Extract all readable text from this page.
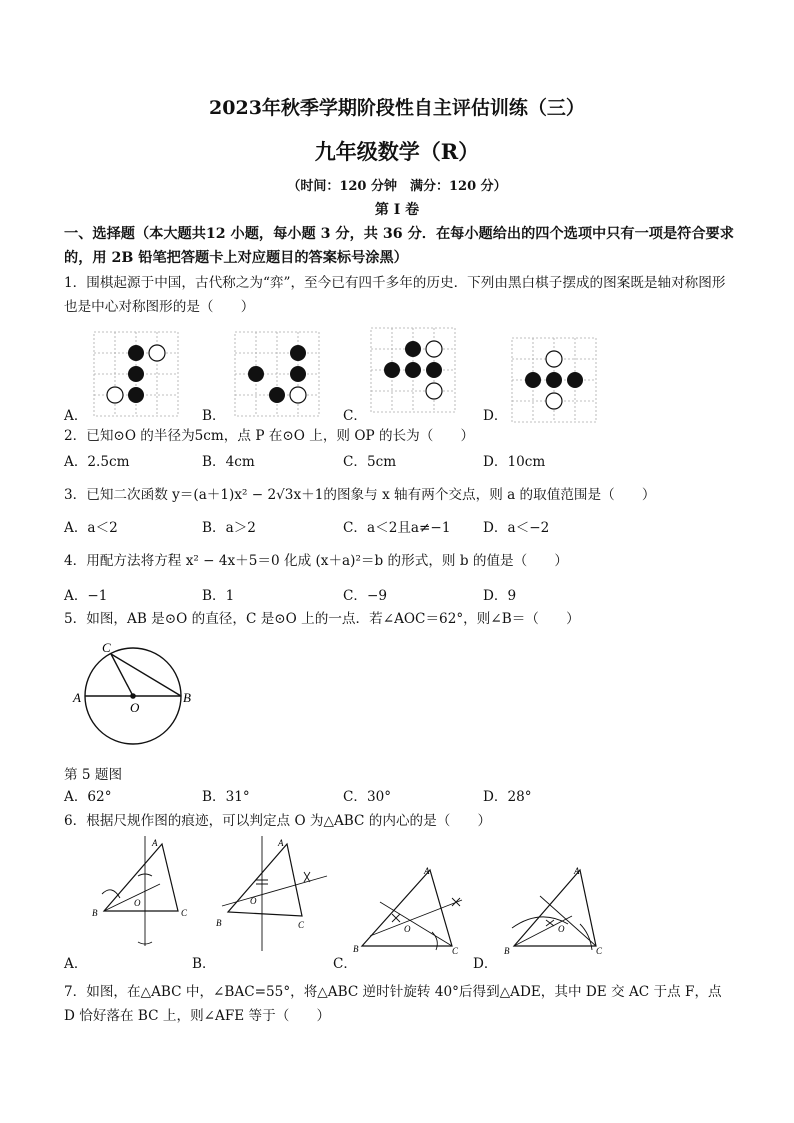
2023年秋季学期阶段性自主评估训练（三）
九年级数学（R）
（时间：120 分钟　满分：120 分）
第 I 卷
一、选择题（本大题共12 小题，每小题 3 分，共 36 分．在每小题给出的四个选项中只有一项是符合要求的，用 2B 铅笔把答题卡上对应题目的答案标号涂黑）
1．围棋起源于中国，古代称之为“弈”，至今已有四千多年的历史．下列由黑白棋子摆成的图案既是轴对称图形也是中心对称图形的是（　　）
A．	B．	C．	D．
2．已知⊙O 的半径为5cm，点 P 在⊙O 上，则 OP 的长为（　　）
A．2.5cm	B．4cm	C．5cm	D．10cm
3．已知二次函数 y＝(a＋1)x² − 2√3x＋1的图象与 x 轴有两个交点，则 a 的取值范围是（　　）
A．a＜2	B．a＞2	C．a＜2且a≠−1 D．a＜−2
4．用配方法将方程 x² − 4x＋5＝0 化成 (x＋a)²＝b 的形式，则 b 的值是（　　）
A．−1	B．1	C．−9	D．9
5．如图，AB 是⊙O 的直径，C 是⊙O 上的一点．若∠AOC＝62°，则∠B＝（　　）
C
A
O
B
第 5 题图
A．62°	B．31°	C．30°	D．28°
6．根据尺规作图的痕迹，可以判定点 O 为△ABC 的内心的是（　　）
A
B	C
O
A
B	C
O
A
B	C
O
A
B	C
O
A．	B．	C．	D．
7．如图，在△ABC 中，∠BAC=55°，将△ABC 逆时针旋转 40°后得到△ADE，其中 DE 交 AC 于点 F，点 D 恰好落在 BC 上，则∠AFE 等于（　　）
